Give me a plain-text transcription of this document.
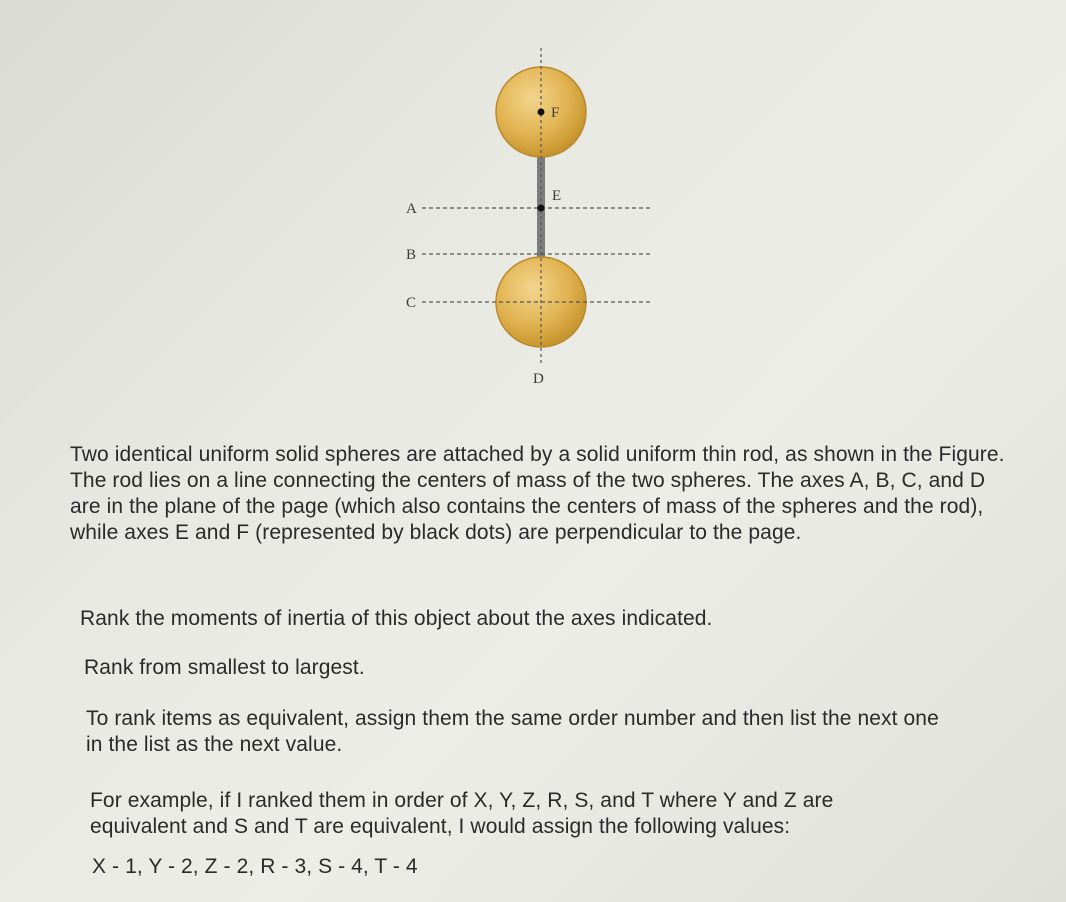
A
B
C
D
E
F

Two identical uniform solid spheres are attached by a solid uniform thin rod, as shown in the Figure. The rod lies on a line connecting the centers of mass of the two spheres. The axes A, B, C, and D are in the plane of the page (which also contains the centers of mass of the spheres and the rod), while axes E and F (represented by black dots) are perpendicular to the page.

Rank the moments of inertia of this object about the axes indicated.

Rank from smallest to largest.

To rank items as equivalent, assign them the same order number and then list the next one in the list as the next value.

For example, if I ranked them in order of X, Y, Z, R, S, and T where Y and Z are equivalent and S and T are equivalent, I would assign the following values:

X - 1, Y - 2, Z - 2, R - 3, S - 4, T - 4
